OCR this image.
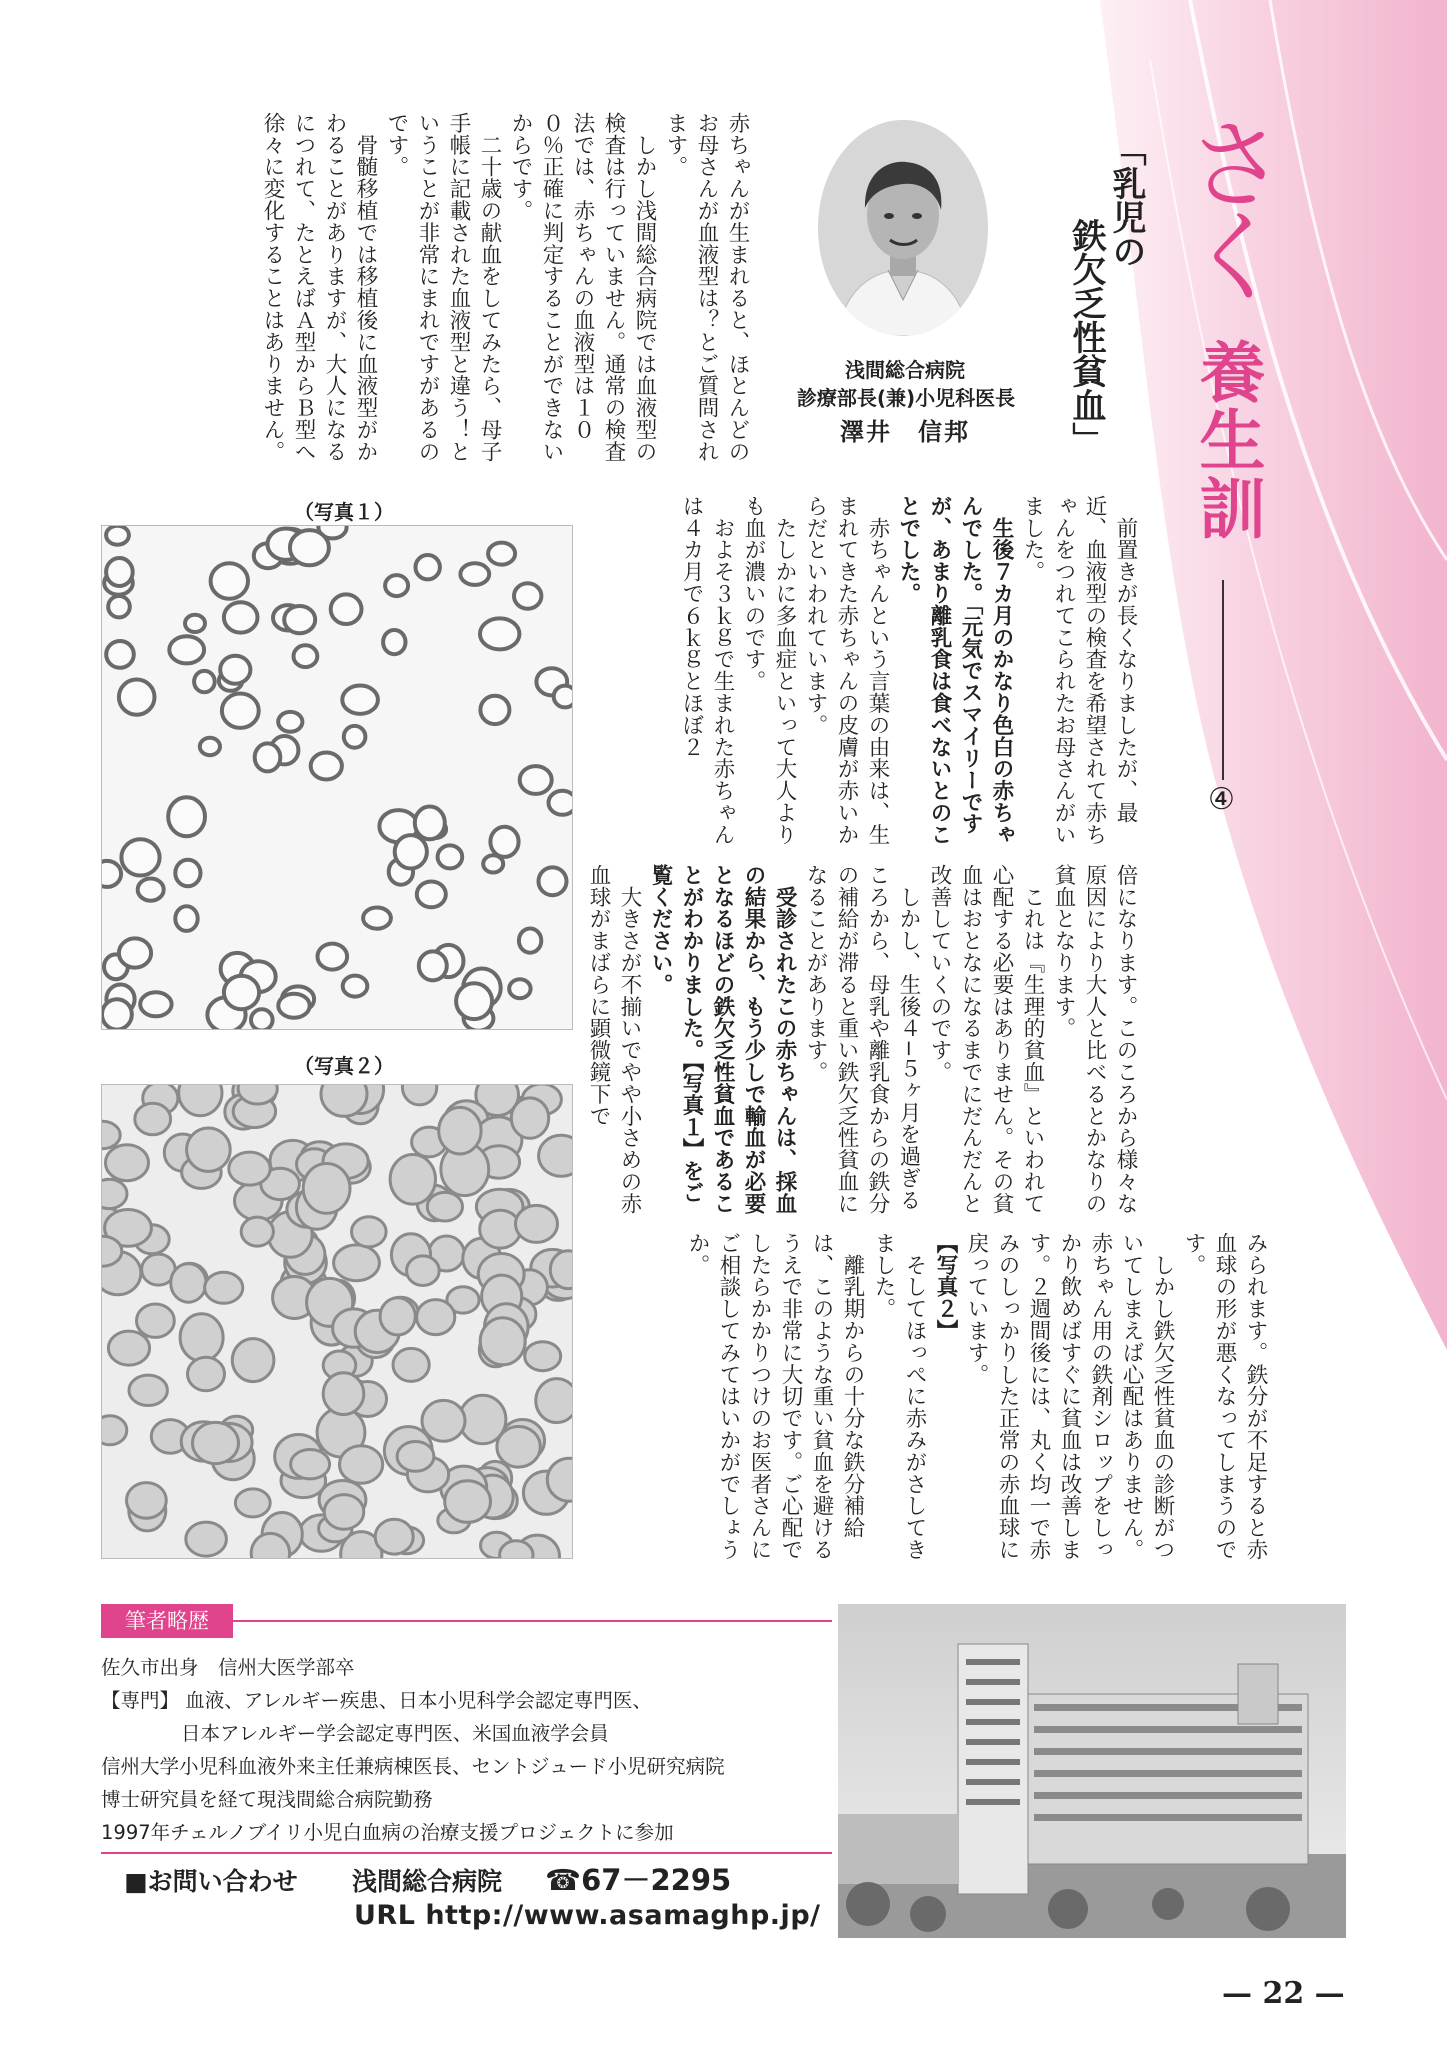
さく
養生訓
④
「乳児の
鉄欠乏性貧血」
浅間総合病院
診療部長(兼)小児科医長
澤井　信邦
赤ちゃんが生まれると、ほとんどのお母さんが血液型は？とご質問されます。
　しかし浅間総合病院では血液型の検査は行っていません。通常の検査法では、赤ちゃんの血液型は１００％正確に判定することができないからです。
　二十歳の献血をしてみたら、母子手帳に記載された血液型と違う！ということが非常にまれですがあるのです。
　骨髄移植では移植後に血液型がかわることがありますが、大人になるにつれて、たとえばＡ型からＢ型へ徐々に変化することはありません。

　前置きが長くなりましたが、最近、血液型の検査を希望されて赤ちゃんをつれてこられたお母さんがいました。
　生後７カ月のかなり色白の赤ちゃんでした。「元気でスマイリーですが、あまり離乳食は食べないとのことでした。
　赤ちゃんという言葉の由来は、生まれてきた赤ちゃんの皮膚が赤いからだといわれています。
　たしかに多血症といって大人よりも血が濃いのです。
　およそ３ｋｇで生まれた赤ちゃんは４カ月で６ｋｇとほぼ２

倍になります。このころから様々な原因により大人と比べるとかなりの貧血となります。
　これは『生理的貧血』といわれて心配する必要はありません。その貧血はおとなになるまでにだんだんと改善していくのです。
　しかし、生後４−５ヶ月を過ぎるころから、母乳や離乳食からの鉄分の補給が滞ると重い鉄欠乏性貧血になることがあります。
　受診されたこの赤ちゃんは、採血の結果から、もう少しで輸血が必要となるほどの鉄欠乏性貧血であることがわかりました。【写真１】をご覧ください。
　大きさが不揃いでやや小さめの赤血球がまばらに顕微鏡下で

みられます。鉄分が不足すると赤血球の形が悪くなってしまうのです。
　しかし鉄欠乏性貧血の診断がついてしまえば心配はありません。赤ちゃん用の鉄剤シロップをしっかり飲めばすぐに貧血は改善します。２週間後には、丸く均一で赤みのしっかりした正常の赤血球に戻っています。
【写真２】
　そしてほっぺに赤みがさしてきました。
　離乳期からの十分な鉄分補給は、このような重い貧血を避けるうえで非常に大切です。ご心配でしたらかかりつけのお医者さんにご相談してみてはいかがでしょうか。

（写真１）
（写真２）
筆者略歴
佐久市出身　信州大医学部卒
【専門】 血液、アレルギー疾患、日本小児科学会認定専門医、
日本アレルギー学会認定専門医、米国血液学会員
信州大学小児科血液外来主任兼病棟医長、セントジュード小児研究病院
博士研究員を経て現浅間総合病院勤務
1997年チェルノブイリ小児白血病の治療支援プロジェクトに参加
■お問い合わせ 浅間総合病院 ☎67－2295
URL http://www.asamaghp.jp/
— 22 —
